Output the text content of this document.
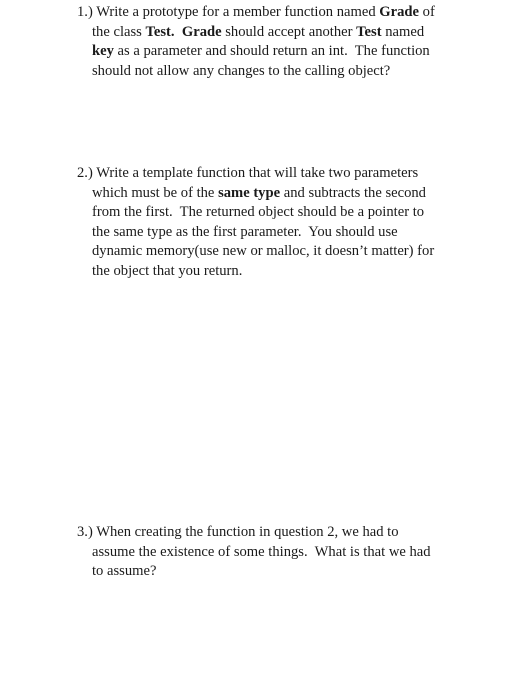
1.) Write a prototype for a member function named Grade of
the class Test. Grade should accept another Test named
key as a parameter and should return an int.  The function
should not allow any changes to the calling object?
2.) Write a template function that will take two parameters
which must be of the same type and subtracts the second
from the first.  The returned object should be a pointer to
the same type as the first parameter.  You should use
dynamic memory(use new or malloc, it doesn’t matter) for
the object that you return.
3.) When creating the function in question 2, we had to
assume the existence of some things.  What is that we had
to assume?
